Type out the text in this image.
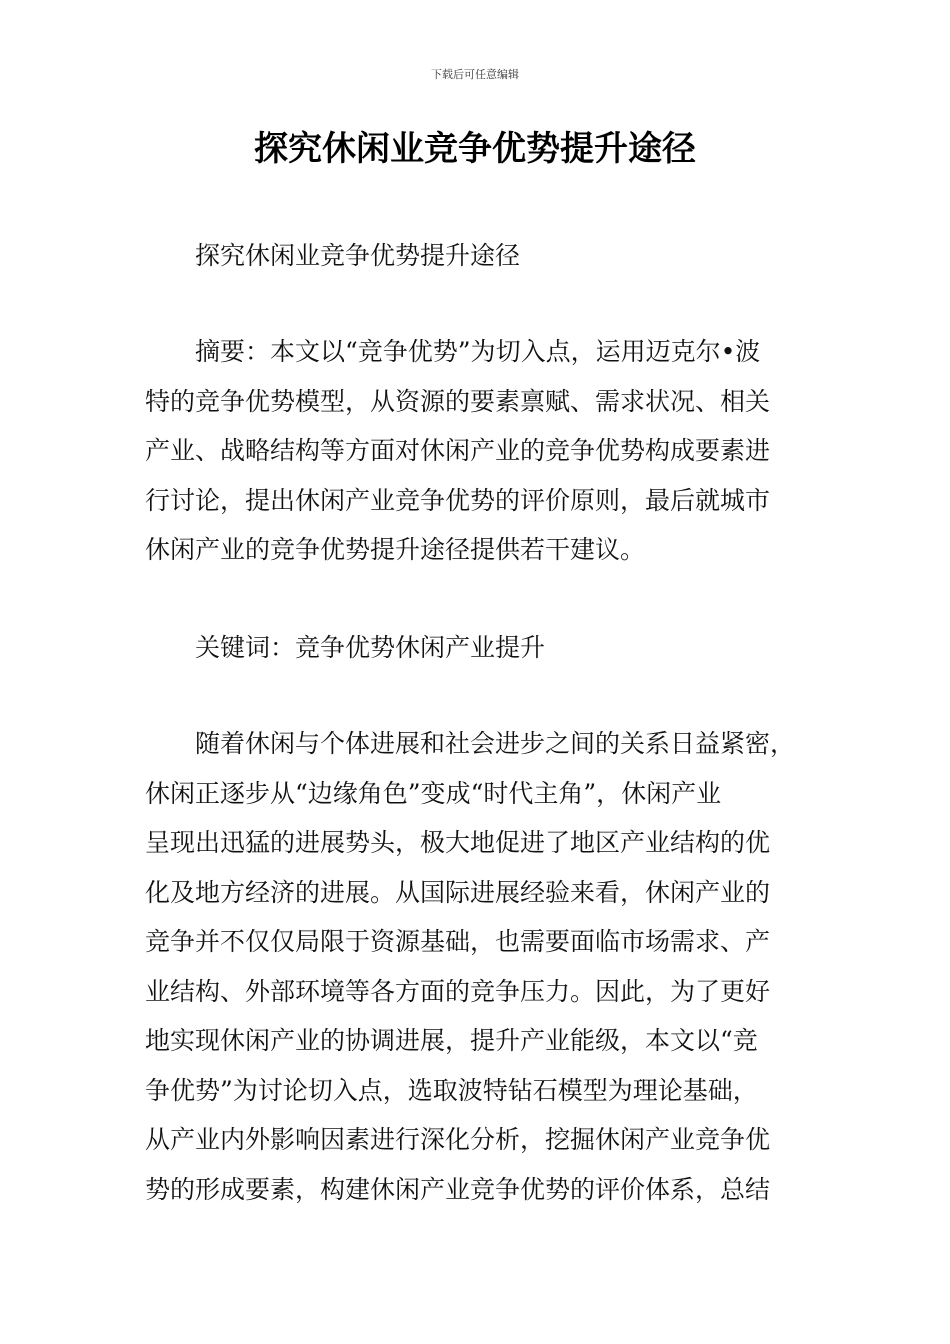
下载后可任意编辑
探究休闲业竞争优势提升途径
探究休闲业竞争优势提升途径
摘要：本文以“竞争优势”为切入点，运用迈克尔•波
特的竞争优势模型，从资源的要素禀赋、需求状况、相关
产业、战略结构等方面对休闲产业的竞争优势构成要素进
行讨论，提出休闲产业竞争优势的评价原则，最后就城市
休闲产业的竞争优势提升途径提供若干建议。
关键词：竞争优势休闲产业提升
随着休闲与个体进展和社会进步之间的关系日益紧密，
休闲正逐步从“边缘角色”变成“时代主角”，休闲产业
呈现出迅猛的进展势头，极大地促进了地区产业结构的优
化及地方经济的进展。从国际进展经验来看，休闲产业的
竞争并不仅仅局限于资源基础，也需要面临市场需求、产
业结构、外部环境等各方面的竞争压力。因此，为了更好
地实现休闲产业的协调进展，提升产业能级，本文以“竞
争优势”为讨论切入点，选取波特钻石模型为理论基础，
从产业内外影响因素进行深化分析，挖掘休闲产业竞争优
势的形成要素，构建休闲产业竞争优势的评价体系，总结
